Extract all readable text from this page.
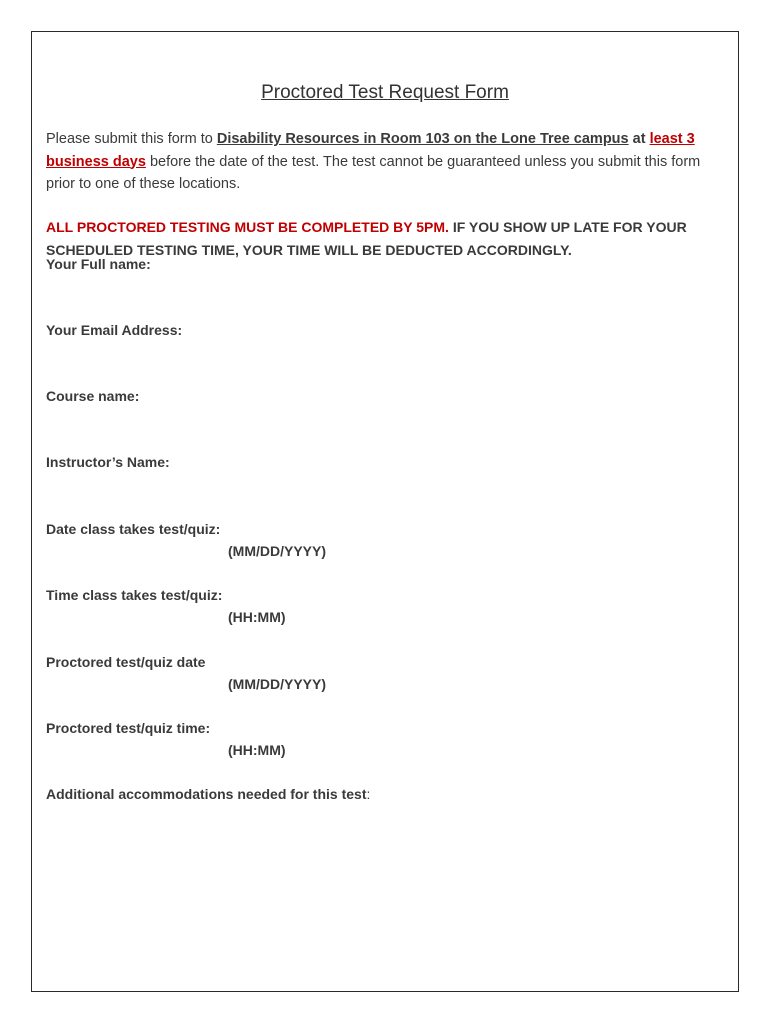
Proctored Test Request Form

Please submit this form to Disability Resources in Room 103 on the Lone Tree campus at least 3 business days before the date of the test. The test cannot be guaranteed unless you submit this form prior to one of these locations.

ALL PROCTORED TESTING MUST BE COMPLETED BY 5PM. IF YOU SHOW UP LATE FOR YOUR SCHEDULED TESTING TIME, YOUR TIME WILL BE DEDUCTED ACCORDINGLY.

Your Full name:
Your Email Address:
Course name:
Instructor’s Name:
Date class takes test/quiz:
(MM/DD/YYYY)
Time class takes test/quiz:
(HH:MM)
Proctored test/quiz date
(MM/DD/YYYY)
Proctored test/quiz time:
(HH:MM)
Additional accommodations needed for this test:
